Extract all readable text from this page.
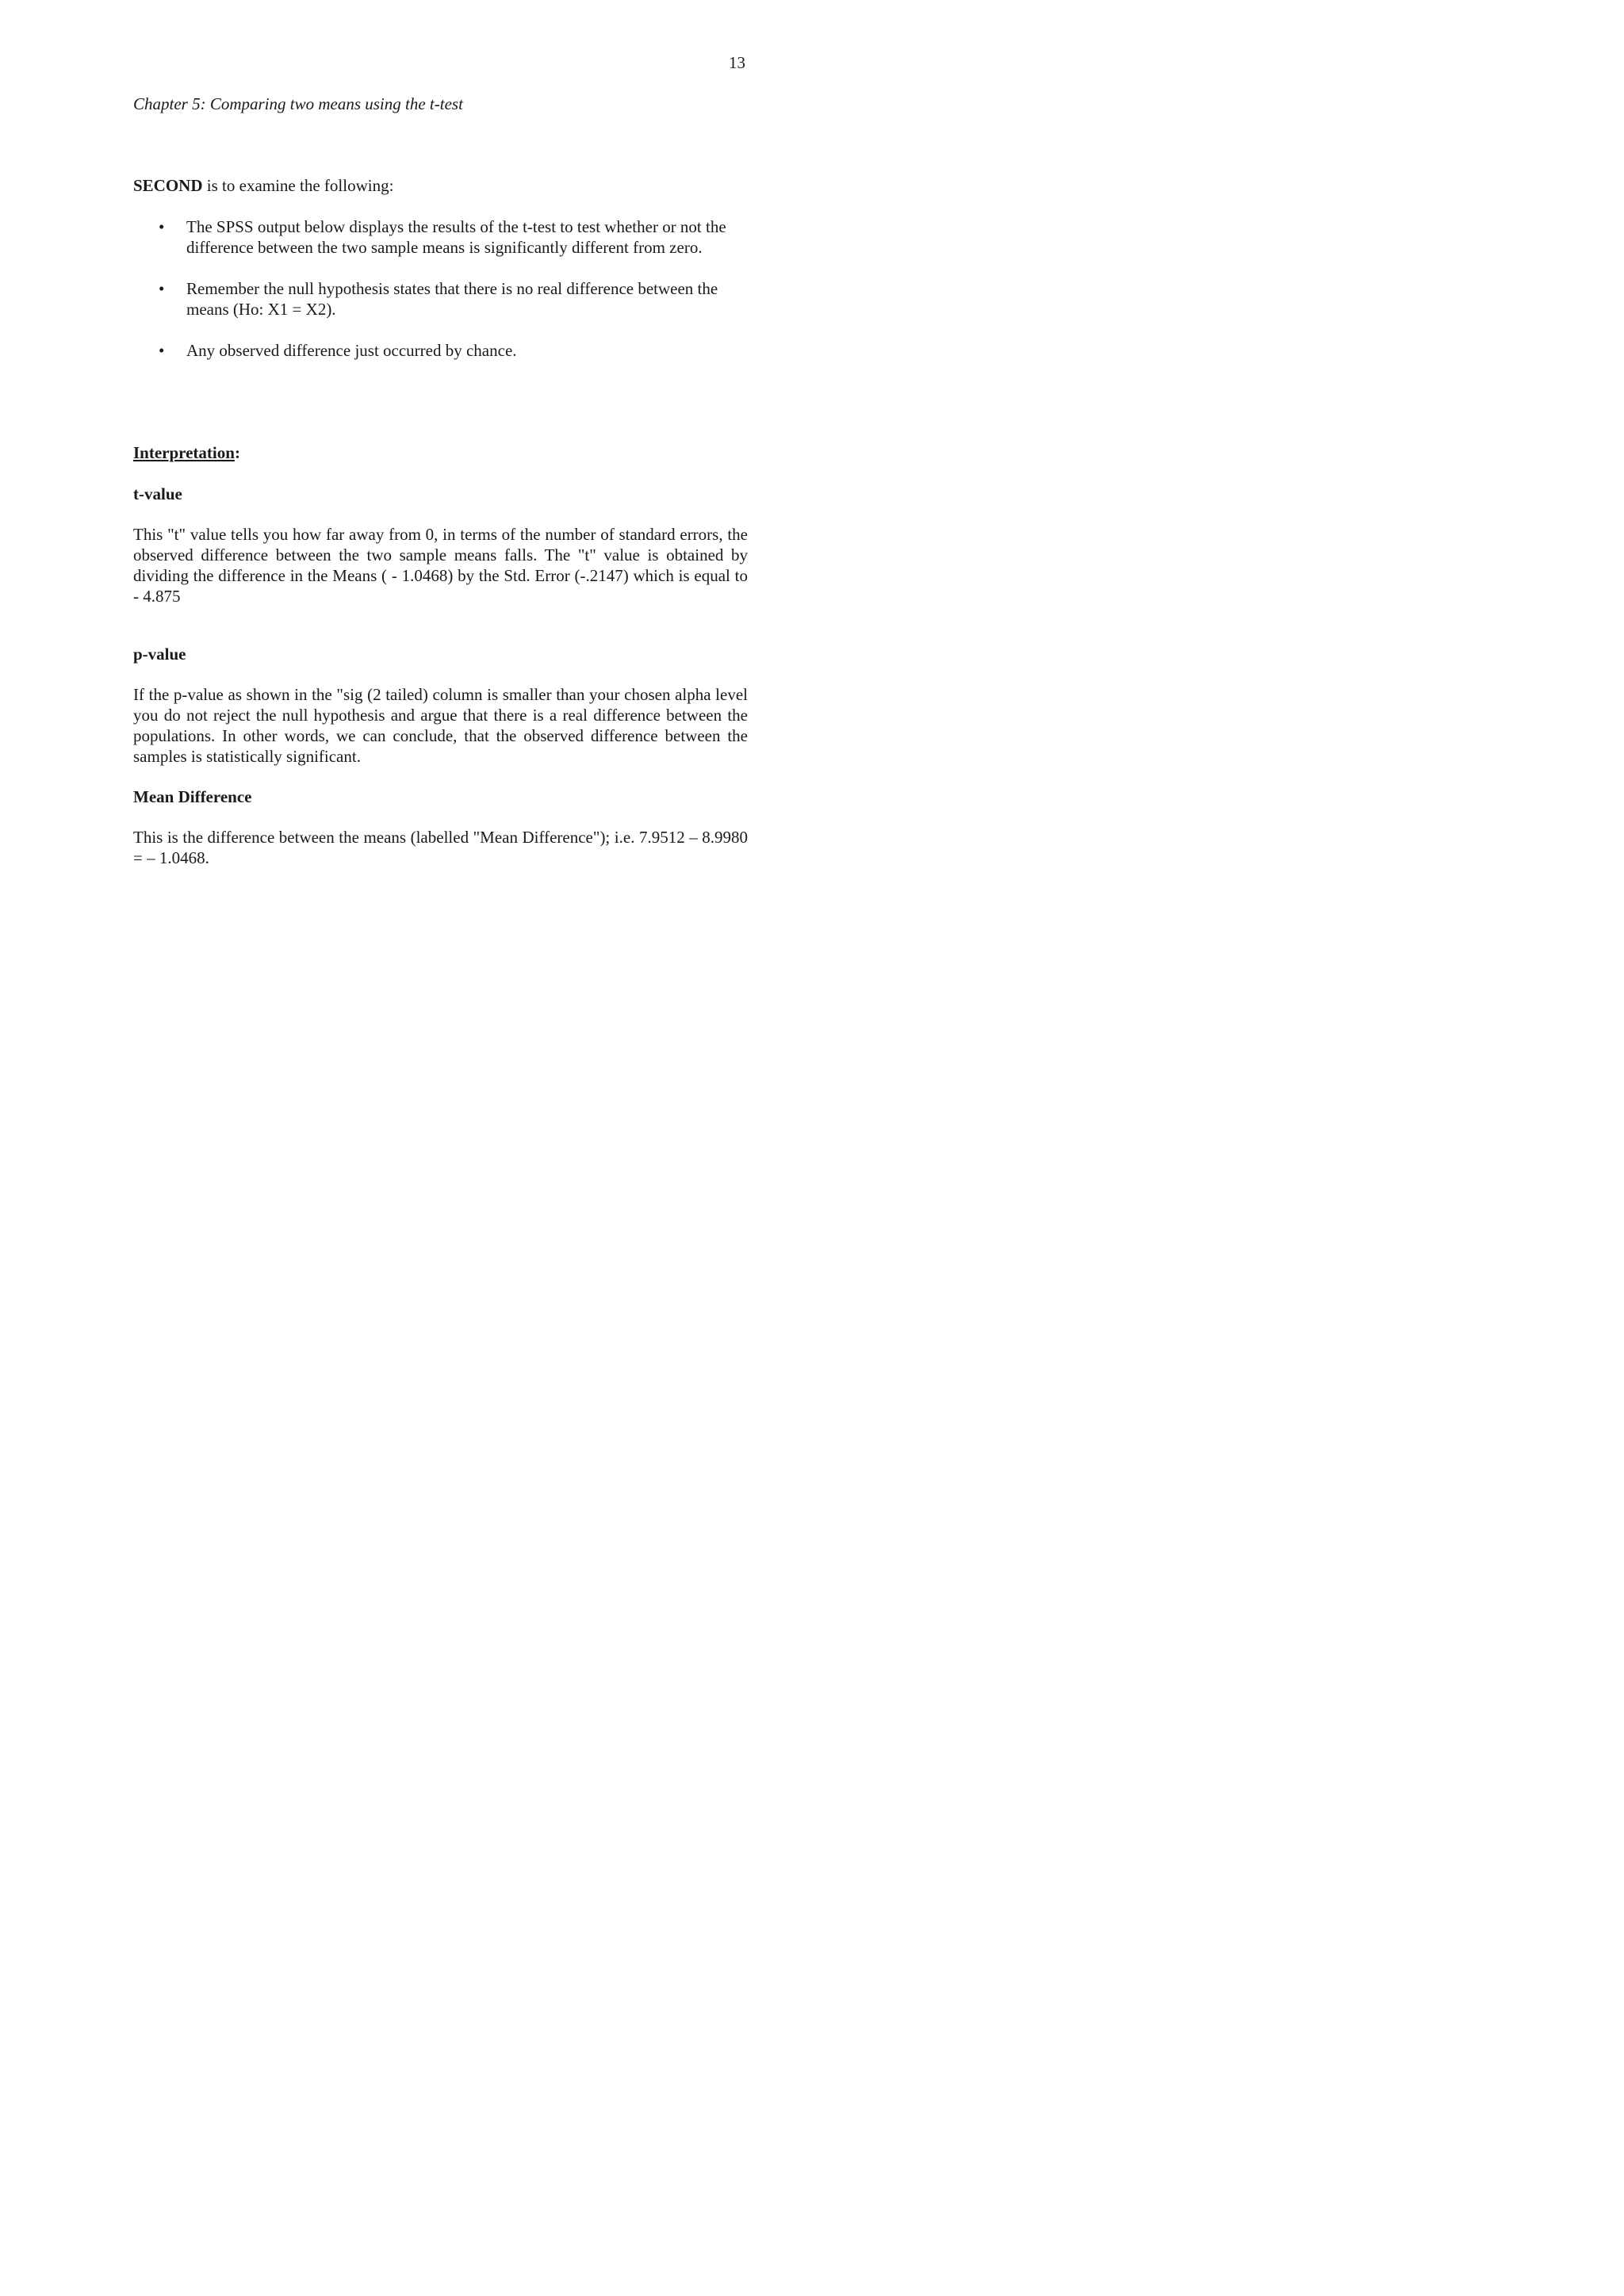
13
Chapter 5: Comparing two means using the t-test
SECOND is to examine the following:
• The SPSS output below displays the results of the t-test to test whether or not the difference between the two sample means is significantly different from zero.
• Remember the null hypothesis states that there is no real difference between the means (Ho: X1 = X2).
• Any observed difference just occurred by chance.
Interpretation:
t-value

This "t" value tells you how far away from 0, in terms of the number of standard errors, the observed difference between the two sample means falls. The "t" value is obtained by dividing the difference in the Means ( - 1.0468) by the Std. Error (-.2147) which is equal to - 4.875

p-value

If the p-value as shown in the "sig (2 tailed) column is smaller than your chosen alpha level you do not reject the null hypothesis and argue that there is a real difference between the populations. In other words, we can conclude, that the observed difference between the samples is statistically significant.

Mean Difference

This is the difference between the means (labelled "Mean Difference"); i.e. 7.9512 – 8.9980 = – 1.0468.
